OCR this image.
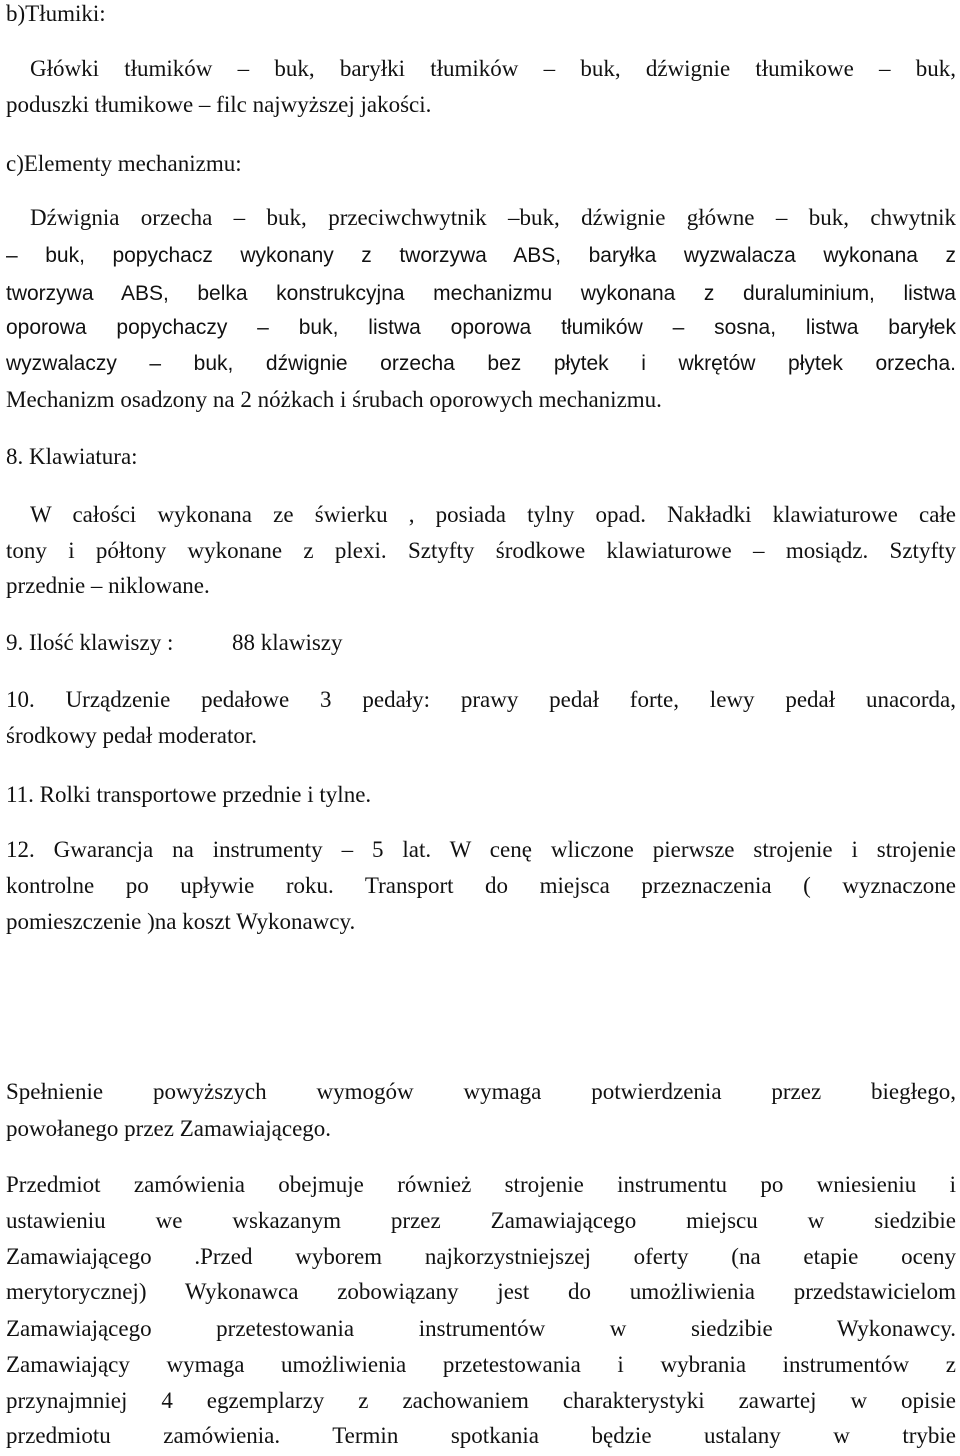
b)Tłumiki:
Główki tłumików – buk, baryłki tłumików – buk, dźwignie tłumikowe – buk,
poduszki tłumikowe – filc najwyższej jakości.
c)Elementy mechanizmu:
Dźwignia orzecha – buk, przeciwchwytnik –buk, dźwignie główne – buk, chwytnik
– buk, popychacz wykonany z tworzywa ABS, baryłka wyzwalacza wykonana z
tworzywa ABS, belka konstrukcyjna mechanizmu wykonana z duraluminium, listwa
oporowa popychaczy – buk, listwa oporowa tłumików – sosna, listwa baryłek
wyzwalaczy – buk, dźwignie orzecha bez płytek i wkrętów płytek orzecha.
Mechanizm osadzony na 2 nóżkach i śrubach oporowych mechanizmu.
8. Klawiatura:
W całości wykonana ze świerku , posiada tylny opad. Nakładki klawiaturowe całe
tony i półtony wykonane z plexi. Sztyfty środkowe klawiaturowe – mosiądz. Sztyfty
przednie – niklowane.
9. Ilość klawiszy :	88 klawiszy
10. Urządzenie pedałowe 3 pedały: prawy pedał forte, lewy pedał unacorda,
środkowy pedał moderator.
11. Rolki transportowe przednie i tylne.
12. Gwarancja na instrumenty – 5 lat. W cenę wliczone pierwsze strojenie i strojenie
kontrolne po upływie roku. Transport do miejsca przeznaczenia ( wyznaczone
pomieszczenie )na koszt Wykonawcy.
Spełnienie powyższych wymogów wymaga potwierdzenia przez biegłego,
powołanego przez Zamawiającego.
Przedmiot zamówienia obejmuje również strojenie instrumentu po wniesieniu i
ustawieniu we wskazanym przez Zamawiającego miejscu w siedzibie
Zamawiającego .Przed wyborem najkorzystniejszej oferty (na etapie oceny
merytorycznej) Wykonawca zobowiązany jest do umożliwienia przedstawicielom
Zamawiającego przetestowania instrumentów w siedzibie Wykonawcy.
Zamawiający wymaga umożliwienia przetestowania i wybrania instrumentów z
przynajmniej 4 egzemplarzy z zachowaniem charakterystyki zawartej w opisie
przedmiotu zamówienia. Termin spotkania będzie ustalany w trybie
